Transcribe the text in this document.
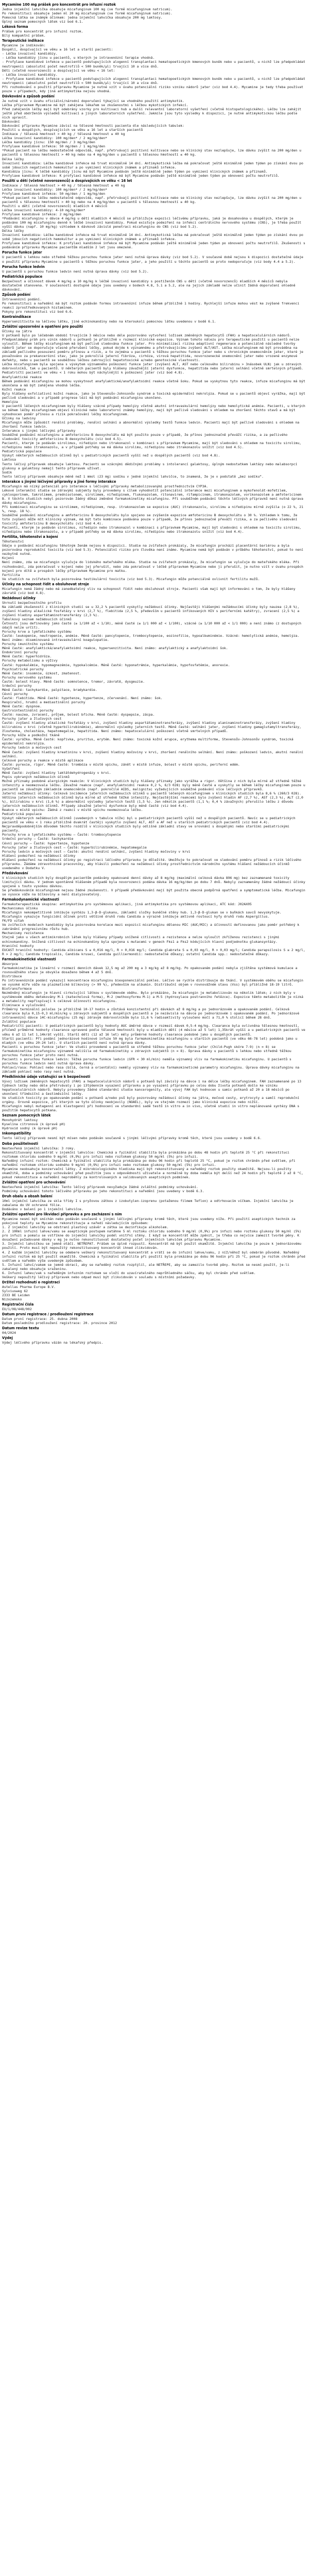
Mycamine 100 mg prášek pro koncentrát pro infuzní roztok
Jedna injekční lahvička obsahuje micafunginum 100 mg (ve formě micafunginum natricum).
Po rekonstituci obsahuje jeden ml 20 mg micafunginum (ve formě micafunginum natricum).
Pomocná látka se známým účinkem: jedna injekční lahvička obsahuje 200 mg laktosy.
Úplný seznam pomocných látek viz bod 6.1.
Léková forma
Prášek pro koncentrát pro infuzní roztok.
Bílý kompaktní prášek.
Terapeutické indikace
Mycamine je indikován:
Dospělí, dospívající ve věku ≥ 16 let a starší pacienti:
- Léčba invazivní kandidózy.
- Léčba kandidózy jícnu u pacientů, u kterých je intravenózní terapie vhodná.
- Profylaxe kandidové infekce u pacientů podstupujících alogenní transplantaci hematopoetických kmenových buněk nebo u pacientů, u nichž lze předpokládat neutropenii (absolutní počet neutrofilů < 500 buněk/µl) trvající 10 a více dnů.
Děti (včetně novorozenců) a dospívající ve věku < 16 let:
- Léčba invazivní kandidózy.
- Profylaxe kandidové infekce u pacientů podstupujících alogenní transplantaci hematopoetických kmenových buněk nebo u pacientů, u nichž lze předpokládat neutropenii (absolutní počet neutrofilů < 500 buněk/µl) trvající 10 a více dnů.
Při rozhodování o použití přípravku Mycamine je nutné vzít v úvahu potenciální riziko vzniku nádorů jater (viz bod 4.4). Mycamine je tedy třeba používat pouze v případech, kdy jiná antimykotika nejsou vhodná.
Dávkování a způsob podání
Je nutné vzít v úvahu oficiální/národní doporučení týkající se vhodného použití antimykotik.
Léčba přípravkem Mycamine má být zahájena lékařem se zkušenostmi s léčbou mykotických infekcí.
Před zahájením léčby mají být odebrány vzorky pro kultivaci hub a další relevantní laboratorní vyšetření (včetně histopatologického). Léčbu lze zahájit ještě před obdržením výsledků kultivací a jiných laboratorních vyšetření. Jakmile jsou tyto výsledky k dispozici, je nutné antimykotickou léčbu podle nich upravit.
Dávkování
Dávkování přípravku Mycamine závisí na tělesné hmotnosti pacienta dle následujících tabulek:
Použití u dospělých, dospívajících ve věku ≥ 16 let a starších pacientů
Indikace / tělesná hmotnost > 40 kg / tělesná hmotnost ≤ 40 kg
Léčba invazivní kandidózy: 100 mg/den* / 2 mg/kg/den*
Léčba kandidózy jícnu: 150 mg/den / 3 mg/kg/den
Profylaxe kandidové infekce: 50 mg/den / 1 mg/kg/den
*Pokud pacient na léčbu nedostatečně odpovídá, např. přetrvávají pozitivní kultivace nebo se klinický stav nezlepšuje, lze dávku zvýšit na 200 mg/den u pacientů s tělesnou hmotností > 40 kg nebo na 4 mg/kg/den u pacientů s tělesnou hmotností ≤ 40 kg.
Délka léčby
Invazivní kandidóza: Léčba kandidové infekce má trvat minimálně 14 dní. Antimykotická léčba má pokračovat ještě minimálně jeden týden po získání dvou po sobě jdoucích negativních hemokultur a po vymizení klinických známek a příznaků infekce.
Kandidóza jícnu: K léčbě kandidózy jícnu má být Mycamine podáván ještě minimálně jeden týden po vymizení klinických známek a příznaků.
Profylaxe kandidové infekce: K profylaxi kandidové infekce má být Mycamine podáván ještě minimálně jeden týden po obnovení počtu neutrofilů.
Použití u dětí (včetně novorozenců) a dospívajících ve věku < 16 let
Indikace / tělesná hmotnost > 40 kg / tělesná hmotnost ≤ 40 kg
Léčba invazivní kandidózy: 100 mg/den* / 2 mg/kg/den*
Profylaxe kandidové infekce: 50 mg/den / 1 mg/kg/den
*Pokud pacient na léčbu nedostatečně odpovídá, např. přetrvávají pozitivní kultivace nebo se klinický stav nezlepšuje, lze dávku zvýšit na 200 mg/den u pacientů s tělesnou hmotností > 40 kg nebo na 4 mg/kg/den u pacientů s tělesnou hmotností ≤ 40 kg.
Použití u dětí (včetně novorozenců) mladších 4 měsíců
Léčba invazivní kandidózy: 4-10 mg/kg/den*
Profylaxe kandidové infekce: 2 mg/kg/den
*Podávání micafunginu v dávce 4 mg/kg u dětí mladších 4 měsíců se přibližuje expozici léčivému přípravku, jaká je dosahována u dospělých, kterým je podáváno 100 mg micafunginu denně k léčbě invazivní kandidózy. Pokud existuje podezření na infekci centrálního nervového systému (CNS), je třeba použít vyšší dávku (např. 10 mg/kg) vzhledem k dávkově závislé penetraci micafunginu do CNS (viz bod 5.2).
Délka léčby
Invazivní kandidóza: Léčba kandidové infekce má trvat minimálně 14 dní. Antimykotická léčba má pokračovat ještě minimálně jeden týden po získání dvou po sobě jdoucích negativních hemokultur a po vymizení klinických známek a příznaků infekce.
Profylaxe kandidové infekce: K profylaxi kandidové infekce má být Mycamine podáván ještě minimálně jeden týden po obnovení počtu neutrofilů. Zkušenosti s podáváním přípravku Mycamine pacientům mladším 2 let jsou omezené.
Porucha funkce jater
U pacientů s lehkou nebo středně těžkou poruchou funkce jater není nutná úprava dávky (viz bod 5.2). V současné době nejsou k dispozici dostatečné údaje o použití přípravku Mycamine u pacientů s těžkou poruchou funkce jater, a jeho použití u těchto pacientů se proto nedoporučuje (viz body 4.4 a 5.2).
Porucha funkce ledvin
U pacientů s poruchou funkce ledvin není nutná úprava dávky (viz bod 5.2).
Pediatrická populace
Bezpečnost a účinnost dávek 4 mg/kg a 10 mg/kg k léčbě invazivní kandidózy s postižením CNS u dětí (včetně novorozenců) mladších 4 měsíců nebyla dostatečně stanovena. V současnosti dostupné údaje jsou uvedeny v bodech 4.8, 5.1 a 5.2, ale na jejich základě nelze učinit žádná doporučení ohledně dávkování.
Způsob podání
Intravenózní podání.
Po rekonstituci a naředění má být roztok podáván formou intravenózní infuze během přibližně 1 hodiny. Rychlejší infuze mohou vést ke zvýšené frekvenci reakcí zprostředkovaných histaminem.
Pokyny pro rekonstituci viz bod 6.6.
Kontraindikace
Hypersenzitivita na léčivou látku, jiné echinokandiny nebo na kteroukoli pomocnou látku uvedenou v bodě 6.1.
Zvláštní upozornění a opatření pro použití
Účinky na játra
U potkanů bylo po léčebném období trvajícím 3 měsíce nebo déle pozorováno vytvoření ložisek změněných hepatocytů (FAH) a hepatocelulárních nádorů. Předpokládaný práh pro vznik nádorů u potkanů je přibližně v rozmezí klinické expozice. Význam tohoto nálezu pro terapeutické použití u pacientů nelze vyloučit. Během léčby micafunginem má být pečlivě sledována funkce jater. Pro minimalizaci rizika adaptivní regenerace a potenciálně následné tvorby nádorů jater se doporučuje včasné přerušení léčby, pokud dojde k významnému a přetrvávajícímu zvýšení ALT/AST. Léčba micafunginem má být prováděna na základě pečlivého posouzení poměru přínosu a rizik, a to zejména u pacientů s těžkou poruchou funkce jater nebo s chronickým onemocněním jater, které je považováno za prekancerózní stav, jako je pokročilá jaterní fibróza, cirhóza, virová hepatitida, novorozenecké onemocnění jater nebo vrozené enzymové defekty, nebo u pacientů se souběžnou léčbou zahrnující hepatotoxické a/nebo genotoxické vlastnosti.
Léčba micafunginem byla spojena s výskytem významného poškození funkce jater (zvýšení ALT, AST nebo celkového bilirubinu > 3násobek ULN) jak u zdravých dobrovolníků, tak u pacientů. U některých pacientů byly hlášeny závažnější jaterní dysfunkce, hepatitida nebo jaterní selhání včetně smrtelných případů. Pediatričtí pacienti ve věku < 1 roku mohou být náchylnější k poškození jater (viz bod 4.8).
Anafylaktické reakce
Během podávání micafunginu se mohou vyskytnout anafylaktické/anafylaktoidní reakce včetně šoku. Pokud se vyskytnou tyto reakce, infuze micafunginu má být ukončena a má být zahájena vhodná léčba.
Kožní reakce
Byly hlášeny exfoliativní kožní reakce, jako je Stevensův-Johnsonův syndrom a toxická epidermální nekrolýza. Pokud se u pacientů objeví vyrážka, mají být pečlivě sledováni a v případě progrese lézí má být podávání micafunginu ukončeno.
Hemolýza
U pacientů léčených micafunginem byly hlášeny vzácné případy hemolýzy včetně akutní intravaskulární hemolýzy nebo hemolytické anémie. Pacienti, u kterých se během léčby micafunginem objeví klinické nebo laboratorní známky hemolýzy, mají být pečlivě sledováni s ohledem na zhoršení těchto stavů a má být vyhodnocen poměr přínosu a rizik pokračování léčby micafunginem.
Účinky na ledviny
Micafungin může způsobit renální problémy, renální selhání a abnormální výsledky testů funkce ledvin. Pacienti mají být pečlivě sledováni s ohledem na zhoršení funkce ledvin.
Interakce s jinými léčivými přípravky
Souběžné podávání micafunginu a amfotericinu B deoxycholátu má být použito pouze v případě, že přínos jednoznačně převáží rizika, a za pečlivého sledování toxicity amfotericinu B deoxycholátu (viz bod 4.5).
Pacienti, kterým je podáván sirolimus, nifedipin nebo itrakonazol v kombinaci s přípravkem Mycamine, mají být sledováni s ohledem na toxicitu sirolimu, nifedipinu nebo itrakonazolu, a v případě potřeby se má dávka sirolimu, nifedipinu nebo itrakonazolu snížit (viz bod 4.5).
Pediatrická populace
Výskyt některých nežádoucích účinků byl u pediatrických pacientů vyšší než u dospělých pacientů (viz bod 4.8).
Laktosa
Tento léčivý přípravek obsahuje laktosu. Pacienti se vzácnými dědičnými problémy s intolerancí galaktosy, úplným nedostatkem laktázy nebo malabsorpcí glukosy a galaktosy nemají tento přípravek užívat.
Sodík
Tento léčivý přípravek obsahuje méně než 1 mmol (23 mg) sodíku v jedné injekční lahvičce, to znamená, že je v podstatě „bez sodíku“.
Interakce s jinými léčivými přípravky a jiné formy interakce
Micafungin má nízký potenciál pro interakce s léčivými přípravky metabolizovanými prostřednictvím CYP3A.
Lékové interakční studie se zdravými subjekty byly provedeny s cílem vyhodnotit potenciální interakce mezi micafunginem a mykofenolát-mofetilem, cyklosporinem, takrolimem, prednisolonem, sirolimem, nifedipinem, flukonazolem, ritonavirem, rifampicinem, itrakonazolem, vorikonazolem a amfotericinem B. V těchto studiích nebyl pozorován žádný důkaz změněné farmakokinetiky micafunginu. Při souběžném podávání těchto léčivých přípravků není nutná úprava dávky micafunginu.
Při kombinaci micafunginu se sirolimem, nifedipinem, resp. itrakonazolem se expozice (AUC) itrakonazolu, sirolimu a nifedipinu mírně zvýšila (o 22 %, 21 %, resp. 18 %).
Souběžné podávání micafunginu a amfotericinu B deoxycholátu bylo spojeno se zvýšením expozice amfotericinu B deoxycholátu o 30 %. Vzhledem k tomu, že toto zvýšení může mít klinický význam, má být tato kombinace podávána pouze v případě, že přínos jednoznačně převáží rizika, a za pečlivého sledování toxicity amfotericinu B deoxycholátu (viz bod 4.4).
Pacienti, kterým je podáván sirolimus, nifedipin nebo itrakonazol v kombinaci s přípravkem Mycamine, mají být sledováni s ohledem na toxicitu sirolimu, nifedipinu nebo itrakonazolu, a v případě potřeby se má dávka sirolimu, nifedipinu nebo itrakonazolu snížit (viz bod 4.4).
Fertilita, těhotenství a kojení
Těhotenství
Údaje o podávání micafunginu těhotným ženám nejsou k dispozici. Studie na zvířatech prokázaly, že micafungin prochází placentární bariérou a byla pozorována reprodukční toxicita (viz bod 5.3). Potenciální riziko pro člověka není známo. Mycamine nemá být podáván v průběhu těhotenství, pokud to není nezbytně nutné.
Kojení
Není známo, zda se micafungin vylučuje do lidského mateřského mléka. Studie na zvířatech prokázaly, že micafungin se vylučuje do mateřského mléka. Při rozhodování, zda pokračovat v kojení nebo jej přerušit, nebo zda pokračovat v léčbě přípravkem Mycamine nebo ji přerušit, je nutno vzít v úvahu prospěch kojení pro dítě a prospěch léčby přípravkem Mycamine pro matku.
Fertilita
Ve studiích na zvířatech byla pozorována testikulární toxicita (viz bod 5.3). Micafungin může potenciálně ovlivnit fertilitu mužů.
Účinky na schopnost řídit a obsluhovat stroje
Micafungin nemá žádný nebo má zanedbatelný vliv na schopnost řídit nebo obsluhovat stroje. Pacienti však mají být informováni o tom, že byly hlášeny závratě (viz bod 4.8).
Nežádoucí účinky
Shrnutí bezpečnostního profilu
Na základě zkušeností z klinických studií se u 32,2 % pacientů vyskytly nežádoucí účinky. Nejčastěji hlášenými nežádoucími účinky byly nauzea (2,8 %), zvýšení hladiny alkalické fosfatázy v krvi (2,7 %), flebitida (2,5 %, především u pacientů infikovaných HIV s periferními katétry), zvracení (2,5 %) a zvýšení hladiny aspartátaminotransferázy (2,3 %).
Tabulkový seznam nežádoucích účinků
Četnosti jsou definovány jako časté (≥ 1/100 až < 1/10), méně časté (≥ 1/1 000 až < 1/100), vzácné (≥ 1/10 000 až < 1/1 000) a není známo (z dostupných údajů nelze určit).
Poruchy krve a lymfatického systému
Časté: leukopenie, neutropenie, anémie. Méně časté: pancytopenie, trombocytopenie, eozinofilie, hypoalbuminémie. Vzácné: hemolytická anémie, hemolýza. Není známo: diseminovaná intravaskulární koagulopatie.
Poruchy imunitního systému
Méně časté: anafylaktická/anafylaktoidní reakce, hypersenzitivita. Není známo: anafylaktický a anafylaktoidní šok.
Endokrinní poruchy
Méně časté: hyperhidróza.
Poruchy metabolismu a výživy
Časté: hypokalémie, hypomagnezémie, hypokalcémie. Méně časté: hyponatrémie, hyperkalémie, hypofosfatémie, anorexie.
Psychiatrické poruchy
Méně časté: insomnie, úzkost, zmatenost.
Poruchy nervového systému
Časté: bolest hlavy. Méně časté: somnolence, tremor, závratě, dysgeuzie.
Srdeční poruchy
Méně časté: tachykardie, palpitace, bradykardie.
Cévní poruchy
Časté: flebitida. Méně časté: hypotenze, hypertenze, zčervenání. Není známo: šok.
Respirační, hrudní a mediastinální poruchy
Méně časté: dyspnoe.
Gastrointestinální poruchy
Časté: nauzea, zvracení, průjem, bolest břicha. Méně časté: dyspepsie, zácpa.
Poruchy jater a žlučových cest
Časté: zvýšení hladiny alkalické fosfatázy v krvi, zvýšení hladiny aspartátaminotransferázy, zvýšení hladiny alaninaminotransferázy, zvýšení hladiny bilirubinu v krvi (včetně hyperbilirubinémie), abnormální výsledky jaterních testů. Méně časté: selhání jater, zvýšení hladiny gamaglutamyltransferázy, žloutenka, cholestáza, hepatomegalie, hepatitida. Není známo: hepatocelulární poškození včetně smrtelných případů.
Poruchy kůže a podkožní tkáně
Časté: vyrážka. Méně časté: kopřivka, pruritus, erytém. Není známo: toxická kožní erupce, erythema multiforme, Stevensův-Johnsonův syndrom, toxická epidermální nekrolýza.
Poruchy ledvin a močových cest
Méně časté: zvýšení hladiny kreatininu v krvi, zvýšení hladiny močoviny v krvi, zhoršení renálního selhání. Není známo: poškození ledvin, akutní renální selhání.
Celkové poruchy a reakce v místě aplikace
Časté: pyrexie, rigor. Méně časté: trombóza v místě vpichu, zánět v místě infuze, bolest v místě vpichu, periferní edém.
Vyšetření
Méně časté: zvýšení hladiny laktátdehydrogenázy v krvi.
Popis vybraných nežádoucích účinků
Možné příznaky podobné alergickým reakcím: V klinických studiích byly hlášeny příznaky jako vyrážka a rigor. Většina z nich byla mírné až středně těžké intenzity a neomezovala léčbu. Závažné reakce (např. anafylaktoidní reakce 0,2 %, 6/3 028) byly méně časté a vyskytly se během léčby micafunginem pouze u pacientů se závažným základním onemocněním (např. pokročilé AIDS, malignita) vyžadujících souběžné podávání více léčivých přípravků.
Jaterní nežádoucí účinky: Celková incidence jaterních nežádoucích účinků u pacientů léčených micafunginem v klinických studiích byla 8,6 % (260/3 028). Většina jaterních nežádoucích účinků byla mírné až středně těžké intenzity. Nejčastějšími reakcemi bylo zvýšení hladin AF (2,7 %), AST (2,3 %), ALT (2,0 %), bilirubinu v krvi (1,6 %) a abnormální výsledky jaterních testů (1,5 %). Jen několik pacientů (1,1 %; 0,4 % závažných) přerušilo léčbu z důvodu jaterních nežádoucích účinků. Případy závažné jaterní dysfunkce byly méně časté (viz bod 4.4).
Reakce v místě vpichu: Žádná z reakcí v místě vpichu neomezovala léčbu.
Pediatrická populace
Výskyt některých nežádoucích účinků (uvedených v tabulce níže) byl u pediatrických pacientů vyšší než u dospělých pacientů. Navíc se u pediatrických pacientů ve věku < 1 roku přibližně dvakrát častěji vyskytlo zvýšení ALT, AST a AF než u starších pediatrických pacientů (viz bod 4.4). Nejpravděpodobnějším důvodem těchto rozdílů v klinických studiích byly odlišné základní stavy ve srovnání s dospělými nebo staršími pediatrickými pacienty.
Poruchy krve a lymfatického systému — Časté: trombocytopenie
Srdeční poruchy — Časté: tachykardie
Cévní poruchy — Časté: hypertenze, hypotenze
Poruchy jater a žlučových cest — Časté: hyperbilirubinémie, hepatomegalie
Poruchy ledvin a močových cest — Časté: akutní renální selhání, zvýšení hladiny močoviny v krvi
Hlášení podezření na nežádoucí účinky
Hlášení podezření na nežádoucí účinky po registraci léčivého přípravku je důležité. Umožňuje to pokračovat ve sledování poměru přínosů a rizik léčivého přípravku. Žádáme zdravotnické pracovníky, aby hlásili podezření na nežádoucí účinky prostřednictvím národního systému hlášení nežádoucích účinků uvedeného v Dodatku V.
Předávkování
V klinických studiích byly dospělým pacientům podávány opakované denní dávky až 8 mg/kg (maximální celková dávka 896 mg) bez zaznamenané toxicity limitující dávku. V jednom spontánně hlášeném případě byla novorozenci podána dávka 16 mg/kg/den po dobu 7 dnů. Nebyly zaznamenány žádné nežádoucí účinky spojené s touto vysokou dávkou.
Se předávkováním micafunginem nejsou žádné zkušenosti. V případě předávkování mají být použita obecná podpůrná opatření a symptomatická léčba. Micafungin se vysoce váže na bílkoviny a není dialyzovatelný.
Farmakodynamické vlastnosti
Farmakoterapeutická skupina: antimykotika pro systémovou aplikaci, jiná antimykotika pro systémovou aplikaci, ATC kód: J02AX05
Mechanismus účinku
Micafungin nekompetitivně inhibuje syntézu 1,3-β-D-glukanu, základní složky buněčné stěny hub. 1,3-β-D-glukan se v buňkách savců nevyskytuje.
Micafungin vykazuje fungicidní účinek proti většině druhů rodu Candida a výrazně inhibuje aktivně rostoucí hyfy druhů rodu Aspergillus.
FK/FD vztah
Ve zvířecích modelech kandidózy byla pozorována korelace mezi expozicí micafunginu dělenou MIC (AUC/MIC) a účinností definovanou jako poměr potřebný k zabránění progresivnímu růstu hub.
Mechanismy rezistence
Stejně jako u všech antimikrobních látek byly hlášeny případy snížené citlivosti a rezistence a nelze vyloučit zkříženou rezistenci s jinými echinokandiny. Snížená citlivost na echinokandiny byla spojena s mutacemi v genech Fks1 a Fks2 kódujících hlavní podjednotku glukansyntázy.
Hraniční hodnoty
EUCAST hraniční hodnoty: Candida albicans S ≤ 0,016 mg/l, R > 0,016 mg/l; Candida glabrata S ≤ 0,03 mg/l, R > 0,03 mg/l; Candida parapsilosis S ≤ 2 mg/l, R > 2 mg/l; Candida tropicalis, Candida krusei, Candida guilliermondii: nedostatečné důkazy; ostatní Candida spp.: nedostatečné důkazy.
Farmakokinetické vlastnosti
Absorpce
Farmakokinetika je lineární v rozmezí denních dávek 12,5 mg až 200 mg a 3 mg/kg až 8 mg/kg. Po opakovaném podání nebyla zjištěna systémová kumulace a rovnovážného stavu je obvykle dosaženo během 4 až 5 dnů.
Distribuce
Po intravenózním podání vykazují koncentrace micafunginu biexponenciální pokles. Léčivo se rychle distribuuje do tkání. V systémovém oběhu se micafungin ve vysoké míře váže na plazmatické bílkoviny (> 99 %), především na albumin. Distribuční objem v rovnovážném stavu (Vss) byl přibližně 18-19 litrů.
Biotransformace
Nezměněný micafungin je hlavní cirkulující látkou v systémovém oběhu. Bylo prokázáno, že micafungin je metabolizován na několik látek; z nich byly v systémovém oběhu detekovány M-1 (katecholová forma), M-2 (methoxyformu M-1) a M-5 (hydroxylace postranního řetězce). Expozice těmto metabolitům je nízká a metabolity nepřispívají k celkové účinnosti micafunginu.
Eliminace a vylučování
Průměrný terminální poločas je přibližně 10-17 hodin a zůstává konzistentní při dávkách až 8 mg/kg a po jednorázovém a opakovaném podání. Celková clearance byla 0,15-0,3 ml/min/kg u zdravých subjektů a dospělých pacientů a je nezávislá na dávce po jednorázovém i opakovaném podání. Po jednorázové intravenózní dávce 14C-micafunginu (25 mg) zdravým dobrovolníkům bylo 11,6 % radioaktivity vyloučeno močí a 71,0 % stolicí během 28 dnů.
Zvláštní populace
Pediatričtí pacienti: U pediatrických pacientů byly hodnoty AUC úměrné dávce v rozmezí dávek 0,5-4 mg/kg. Clearance byla ovlivněna tělesnou hmotností, přičemž průměrné hodnoty clearance upravené podle tělesné hmotnosti byly u mladších dětí (4 měsíce až 5 let) 1,35krát vyšší a u pediatrických pacientů ve věku 6 až 11 let 1,14krát vyšší. Starší děti (12 až 16 let) měly průměrné hodnoty clearance podobné jako u dospělých pacientů.
Starší pacienti: Při podání jednorázové hodinové infuze 50 mg byla farmakokinetika micafunginu u starších pacientů (ve věku 66-78 let) podobná jako u mladých (ve věku 20-24 let). U starších pacientů není nutná úprava dávky.
Pacienti s poruchou funkce jater: Ve studii provedené u pacientů se středně těžkou poruchou funkce jater (Child-Pugh skóre 7-9) (n = 8) se farmakokinetika micafunginu významně nelišila od farmakokinetiky u zdravých subjektů (n = 8). Úprava dávky u pacientů s lehkou nebo středně těžkou poruchou funkce jater proto není nutná.
Pacienti s poruchou funkce ledvin: Těžká porucha funkce ledvin (GFR < 30 ml/min) neměla významný vliv na farmakokinetiku micafunginu. U pacientů s poruchou funkce ledvin není nutná úprava dávky.
Pohlaví/rasa: Pohlaví nebo rasa (bílá, černá a orientální) neměly významný vliv na farmakokinetické parametry micafunginu. Úprava dávky micafunginu na základě pohlaví nebo rasy není nutná.
Předklinické údaje vztahující se k bezpečnosti
Vývoj ložisek změněných hepatocytů (FAH) a hepatocelulárních nádorů u potkanů byl závislý na dávce i na délce léčby micafunginem. FAH zaznamenané po 13 týdnech léčby nebo déle přetrvávaly i po 13týdenním vysazení přípravku a po vysazení přípravku po celou dobu života potkanů došlo ke vzniku hepatocelulárních nádorů. Nebyly provedeny žádné standardní studie kancerogenity, ale vývoj FAH byl hodnocen u samic potkanů až 20 a 18 měsíců po ukončení tříměsíční a šestiměsíční léčby.
Ve studiích toxicity po opakovaném podání u potkanů a/nebo psů byly pozorovány nežádoucí účinky na játra, močové cesty, erytrocyty a samčí reprodukční orgány. Úrovně expozice, při kterých se tyto účinky neobjevily (NOAEL), byly ve stejném rozmezí jako klinická expozice nebo nižší.
Micafungin nebyl mutagenní ani klastogenní při hodnocení ve standardní sadě testů in vitro a in vivo, včetně studií in vitro neplánované syntézy DNA s použitím hepatocytů potkana.
Seznam pomocných látek
Monohydrát laktosy
Kyselina citronová (k úpravě pH)
Hydroxid sodný (k úpravě pH)
Inkompatibility
Tento léčivý přípravek nesmí být mísen nebo podáván současně s jinými léčivými přípravky kromě těch, které jsou uvedeny v bodě 6.6.
Doba použitelnosti
Neotevřená injekční lahvička: 3 roky.
Rekonstituovaný koncentrát v injekční lahvičce: Chemická a fyzikální stabilita byla prokázána po dobu 48 hodin při teplotě 25 °C při rekonstituci roztokem chloridu sodného 9 mg/ml (0,9%) pro infuzi nebo roztokem glukosy 50 mg/ml (5%) pro infuzi.
Naředěný infuzní roztok: Chemická a fyzikální stabilita byla prokázána po dobu 96 hodin při teplotě 25 °C, pokud je roztok chráněn před světlem, při naředění roztokem chloridu sodného 9 mg/ml (0,9%) pro infuzi nebo roztokem glukosy 50 mg/ml (5%) pro infuzi.
Mycamine neobsahuje konzervační látky. Z mikrobiologického hlediska mají být rekonstituovaný a naředěný roztok použity okamžitě. Nejsou-li použity okamžitě, doba a podmínky uchovávání před použitím jsou v odpovědnosti uživatele a normálně by doba neměla být delší než 24 hodin při teplotě 2 až 8 °C, pokud rekonstituce a naředění neproběhly za kontrolovaných a validovaných aseptických podmínek.
Zvláštní opatření pro uchovávání
Neotevřená injekční lahvička: Tento léčivý přípravek nevyžaduje žádné zvláštní podmínky uchovávání.
Podmínky uchovávání tohoto léčivého přípravku po jeho rekonstituci a naředění jsou uvedeny v bodě 6.3.
Druh obalu a obsah balení
10ml injekční lahvička ze skla třídy I s pryžovou zátkou z izobutylen-izoprenu (potaženou filmem Teflon) a odtrhovacím víčkem. Injekční lahvička je zabalena do UV ochranné fólie.
Dodáváno v balení po 1 injekční lahvičce.
Zvláštní opatření pro likvidaci přípravku a pro zacházení s ním
Mycamine nesmí být smíchán nebo podáván současně s jinými léčivými přípravky kromě těch, které jsou uvedeny níže. Při použití aseptických technik za pokojové teploty se Mycamine rekonstituuje a naředí následujícím způsobem:
1. Z injekční lahvičky se odstraní plastový uzávěr a zátka se dezinfikuje alkoholem.
2. Z 100ml infuzní lahve/vaku se aseptickým postupem natáhne 5 ml roztoku chloridu sodného 9 mg/ml (0,9%) pro infuzi nebo roztoku glukosy 50 mg/ml (5%) pro infuzi a pomalu se vstříkne do injekční lahvičky podél vnitřní stěny. I když se koncentrát může zpěnit, je třeba co nejvíce zamezit tvorbě pěny. K dosažení požadované dávky v mg je nutno rekonstituovat dostatečný počet injekčních lahviček přípravku Mycamine.
3. Injekční lahvičkou se jemně otáčí. NETŘEPAT. Prášek se úplně rozpustí. Koncentrát má být použit okamžitě. Injekční lahvička je pouze k jednorázovému použití. Proto musí být nepoužitý rekonstituovaný koncentrát ihned zlikvidován.
4. Z každé injekční lahvičky se odebere veškerý rekonstituovaný koncentrát a vrátí se do infuzní lahve/vaku, z níž/něhož byl odebrán původně. Naředěný infuzní roztok má být použit okamžitě. Chemická a fyzikální stabilita při použití byla prokázána po dobu 96 hodin při 25 °C, pokud je roztok chráněn před světlem a naředěn výše uvedeným způsobem.
5. Infuzní lahví/vakem se jemně obrací, aby se naředěný roztok rozptýlil, ale NETŘEPE, aby se zamezilo tvorbě pěny. Roztok se nesmí použít, je-li zakalený nebo obsahuje sraženinu.
6. Infuzní lahev/vak s naředěným infuzním roztokem se vloží do uzavíratelného neprůhledného sáčku, aby byl chráněn před světlem.
Veškerý nepoužitý léčivý přípravek nebo odpad musí být zlikvidován v souladu s místními požadavky.
Držitel rozhodnutí o registraci
Astellas Pharma Europe B.V.
Sylviusweg 62
2333 BE Leiden
Nizozemsko
Registrační čísla
EU/1/08/448/002
Datum první registrace / prodloužení registrace
Datum první registrace: 25. dubna 2008
Datum posledního prodloužení registrace: 20. prosince 2012
Datum revize textu
04/2024
Výdej
Výdej léčivého přípravku vázán na lékařský předpis.
